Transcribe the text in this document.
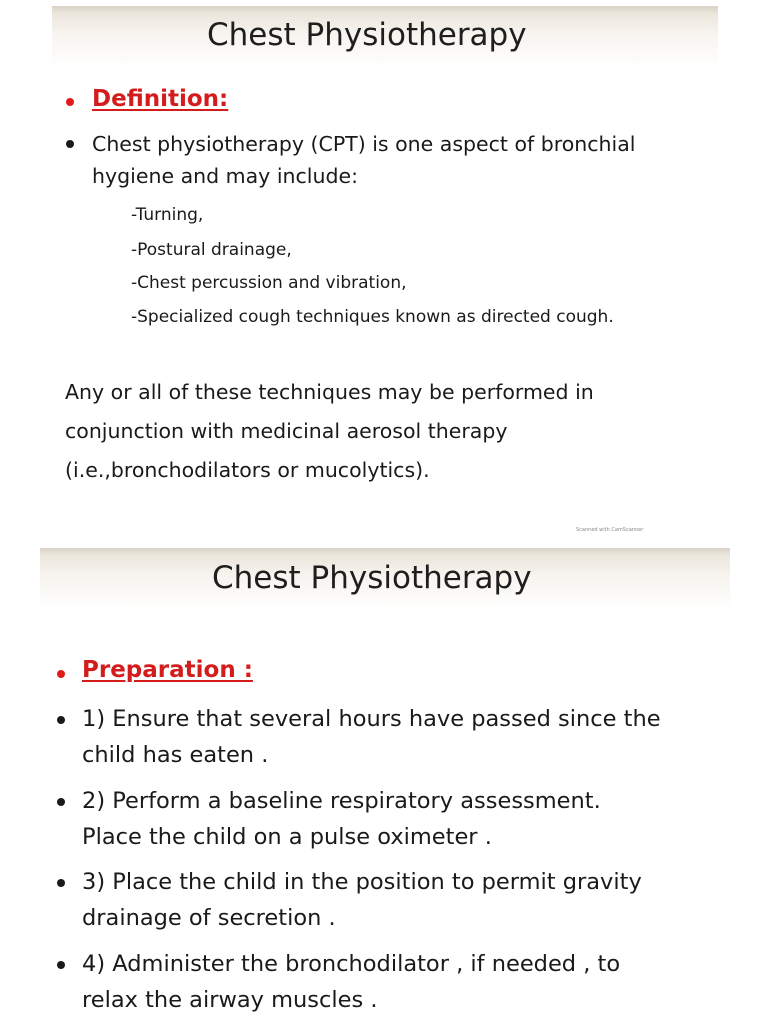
Chest Physiotherapy
Definition:

Chest physiotherapy (CPT) is one aspect of bronchial
hygiene and may include:

-Turning,
-Postural drainage,
-Chest percussion and vibration,
-Specialized cough techniques known as directed cough.

Any or all of these techniques may be performed in
conjunction with medicinal aerosol therapy
(i.e.,bronchodilators or mucolytics).

Scanned with CamScanner
Chest Physiotherapy
Preparation :

1) Ensure that several hours have passed since the
child has eaten .

2) Perform a baseline respiratory assessment.
Place the child on a pulse oximeter .

3) Place the child in the position to permit gravity
drainage of secretion .

4) Administer the bronchodilator , if needed , to
relax the airway muscles .
